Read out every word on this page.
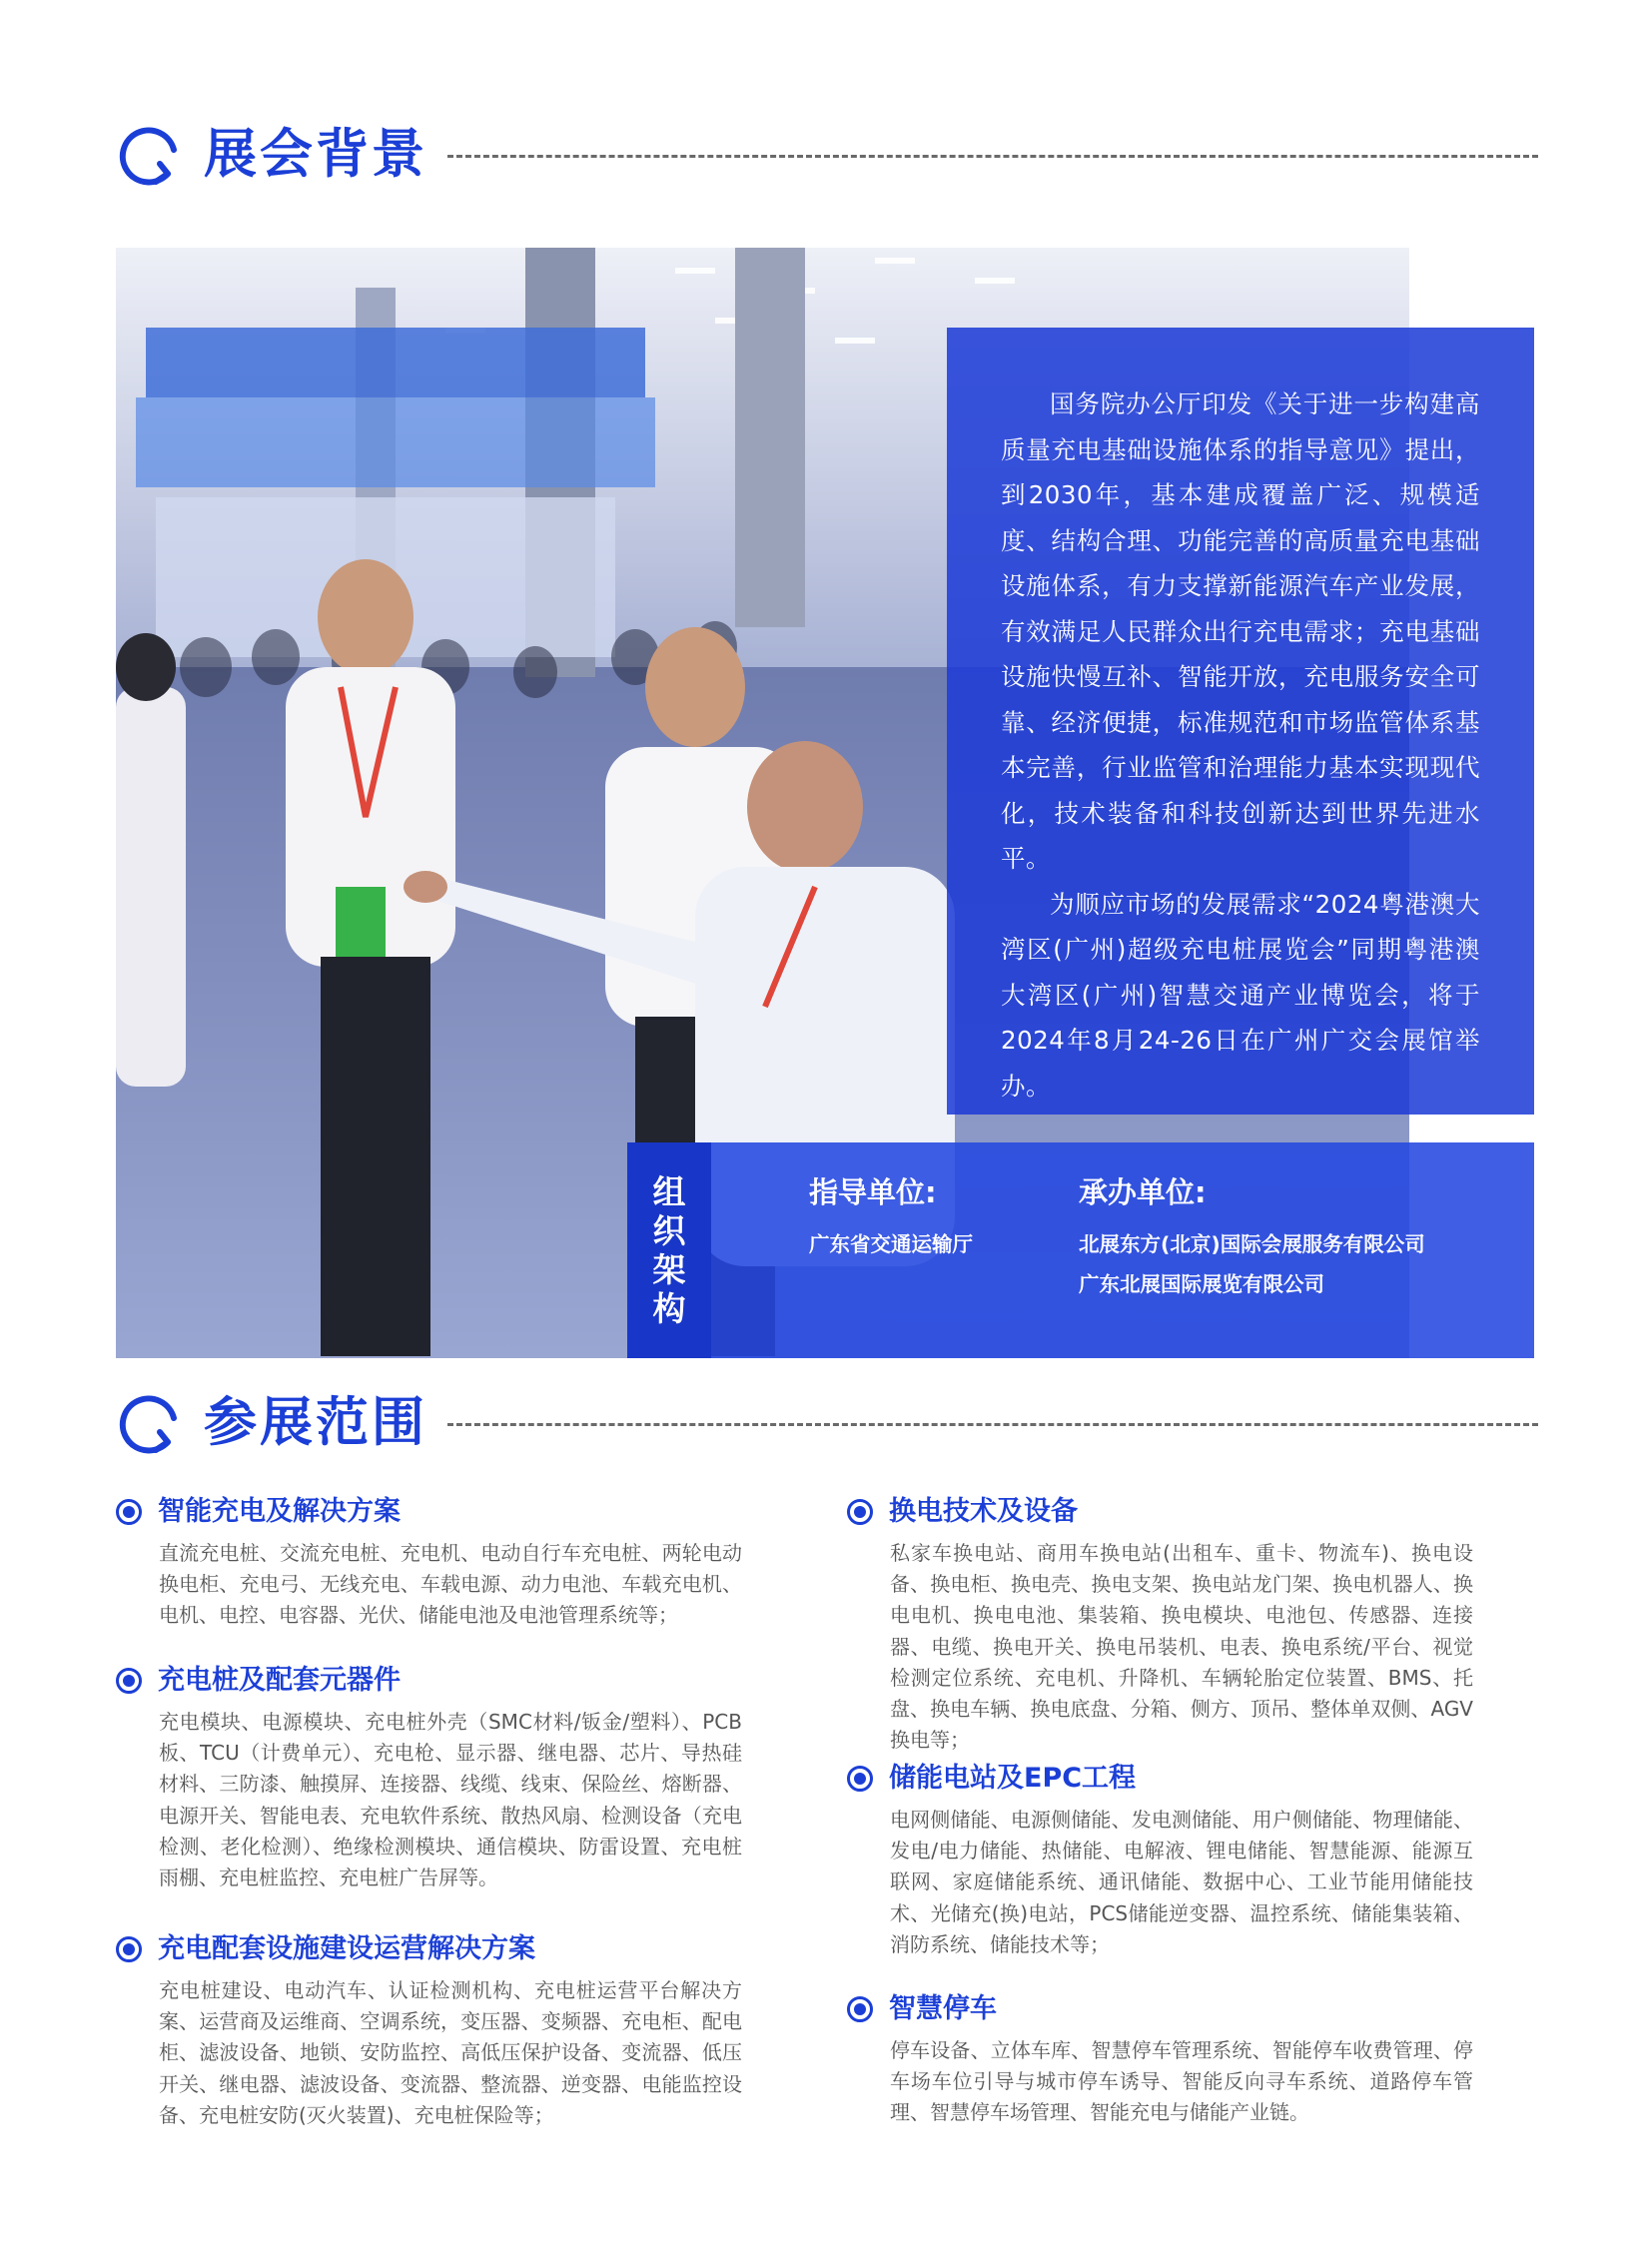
展会背景

国务院办公厅印发《关于进一步构建高质量充电基础设施体系的指导意见》提出，到2030年，基本建成覆盖广泛、规模适度、结构合理、功能完善的高质量充电基础设施体系，有力支撑新能源汽车产业发展，有效满足人民群众出行充电需求；充电基础设施快慢互补、智能开放，充电服务安全可靠、经济便捷，标准规范和市场监管体系基本完善，行业监管和治理能力基本实现现代化，技术装备和科技创新达到世界先进水平。

为顺应市场的发展需求“2024粤港澳大湾区(广州)超级充电桩展览会”同期粤港澳大湾区(广州)智慧交通产业博览会，将于2024年8月24-26日在广州广交会展馆举办。

组织架构
指导单位:
广东省交通运输厅
承办单位:
北展东方(北京)国际会展服务有限公司
广东北展国际展览有限公司
参展范围
智能充电及解决方案
直流充电桩、交流充电桩、充电机、电动自行车充电桩、两轮电动换电柜、充电弓、无线充电、车载电源、动力电池、车载充电机、电机、电控、电容器、光伏、储能电池及电池管理系统等；
充电桩及配套元器件
充电模块、电源模块、充电桩外壳（SMC材料/钣金/塑料）、PCB板、TCU（计费单元）、充电枪、显示器、继电器、芯片、导热硅材料、三防漆、触摸屏、连接器、线缆、线束、保险丝、熔断器、电源开关、智能电表、充电软件系统、散热风扇、检测设备（充电检测、老化检测）、绝缘检测模块、通信模块、防雷设置、充电桩雨棚、充电桩监控、充电桩广告屏等。
充电配套设施建设运营解决方案
充电桩建设、电动汽车、认证检测机构、充电桩运营平台解决方案、运营商及运维商、空调系统，变压器、变频器、充电柜、配电柜、滤波设备、地锁、安防监控、高低压保护设备、变流器、低压开关、继电器、滤波设备、变流器、整流器、逆变器、电能监控设备、充电桩安防(灭火装置)、充电桩保险等；
换电技术及设备
私家车换电站、商用车换电站(出租车、重卡、物流车)、换电设备、换电柜、换电壳、换电支架、换电站龙门架、换电机器人、换电电机、换电电池、集装箱、换电模块、电池包、传感器、连接器、电缆、换电开关、换电吊装机、电表、换电系统/平台、视觉检测定位系统、充电机、升降机、车辆轮胎定位装置、BMS、托盘、换电车辆、换电底盘、分箱、侧方、顶吊、整体单双侧、AGV换电等；
储能电站及EPC工程
电网侧储能、电源侧储能、发电测储能、用户侧储能、物理储能、发电/电力储能、热储能、电解液、锂电储能、智慧能源、能源互联网、家庭储能系统、通讯储能、数据中心、工业节能用储能技术、光储充(换)电站，PCS储能逆变器、温控系统、储能集装箱、消防系统、储能技术等；
智慧停车
停车设备、立体车库、智慧停车管理系统、智能停车收费管理、停车场车位引导与城市停车诱导、智能反向寻车系统、道路停车管理、智慧停车场管理、智能充电与储能产业链。
